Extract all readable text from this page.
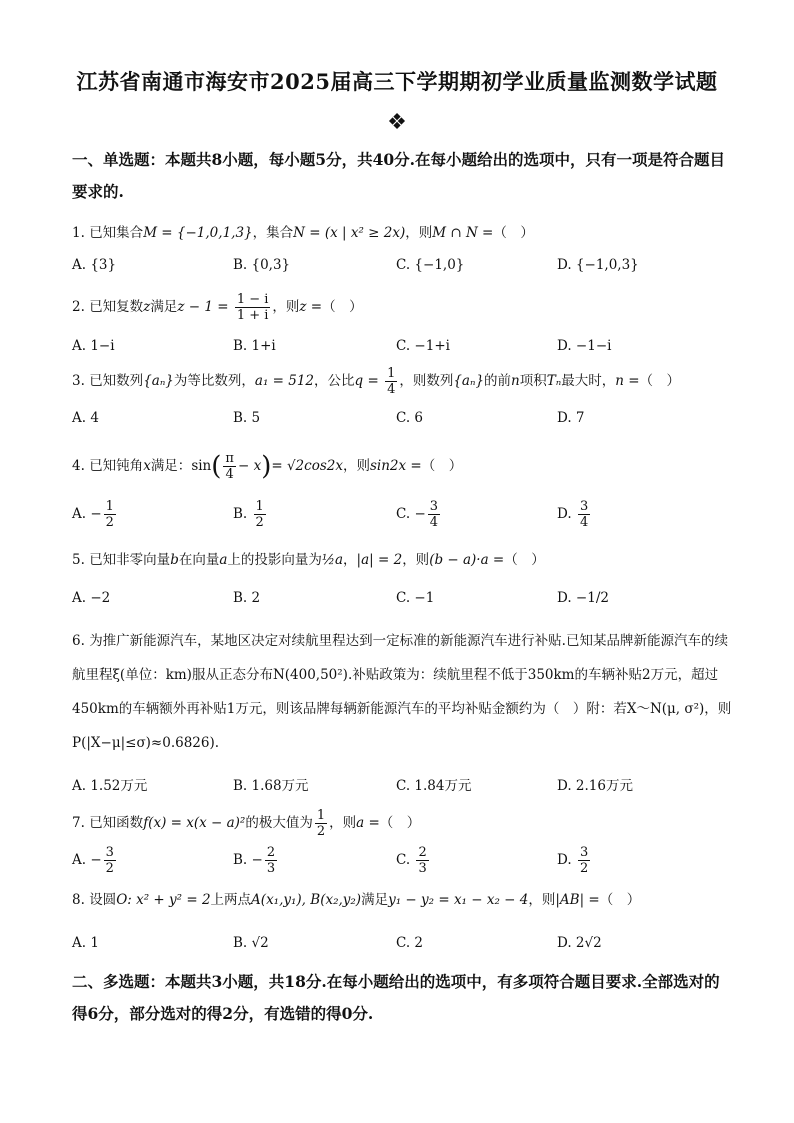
江苏省南通市海安市2025届高三下学期期初学业质量监测数学试题
❖
一、单选题：本题共8小题，每小题5分，共40分.在每小题给出的选项中，只有一项是符合题目要求的.
1. 已知集合M = {−1,0,1,3}，集合N = (x | x² ≥ 2x)，则M ∩ N =（　）
A. {3}	B. {0,3}	C. {−1,0}	D. {−1,0,3}
2. 已知复数z满足$z - 1 = \frac{1 - i}{1 + i}$ ，则z =（　）
A. 1−i	B. 1+i	C. −1+i	D. −1−i
3. 已知数列{aₙ}为等比数列，a₁ = 512，公比$q = \frac{1}{4}$ ，则数列{aₙ}的前n项积Tₙ最大时，n =（　）
A. 4	B. 5	C. 6	D. 7
4. 已知钝角x满足：$\sin( \frac{\pi}{4} - x)= √2\cos 2x$，则sin2x =（　）
A. − $\frac{1}{2}$	B. $\frac{1}{2}$	C. − $\frac{3}{4}$	D. $\frac{3}{4}$
5. 已知非零向量b在向量a上的投影向量为½a，|a| = 2，则(b − a)·a =（　）
A. −2	B. 2	C. −1	D. −1/2
6. 为推广新能源汽车，某地区决定对续航里程达到一定标准的新能源汽车进行补贴.已知某品牌新能源汽车的续航里程ξ(单位：km)服从正态分布N(400,50²).补贴政策为：续航里程不低于350km的车辆补贴2万元，超过450km的车辆额外再补贴1万元，则该品牌每辆新能源汽车的平均补贴金额约为（　）附：若X～N(μ, σ²)，则P(|X−μ|≤σ)≈0.6826).
A. 1.52万元	B. 1.68万元	C. 1.84万元	D. 2.16万元
7. 已知函数f(x) = x(x − a)²的极大值为 $\frac{1}{2}$ ，则a =（　）
A. − $\frac{3}{2}$	B. − $\frac{2}{3}$	C. $\frac{2}{3}$	D. $\frac{3}{2}$
8. 设圆O: x² + y² = 2上两点A(x₁,y₁), B(x₂,y₂)满足y₁ − y₂ = x₁ − x₂ − 4，则|AB| =（　）
A. 1	B. √2	C. 2	D. 2√2
二、多选题：本题共3小题，共18分.在每小题给出的选项中，有多项符合题目要求.全部选对的得6分，部分选对的得2分，有选错的得0分.
